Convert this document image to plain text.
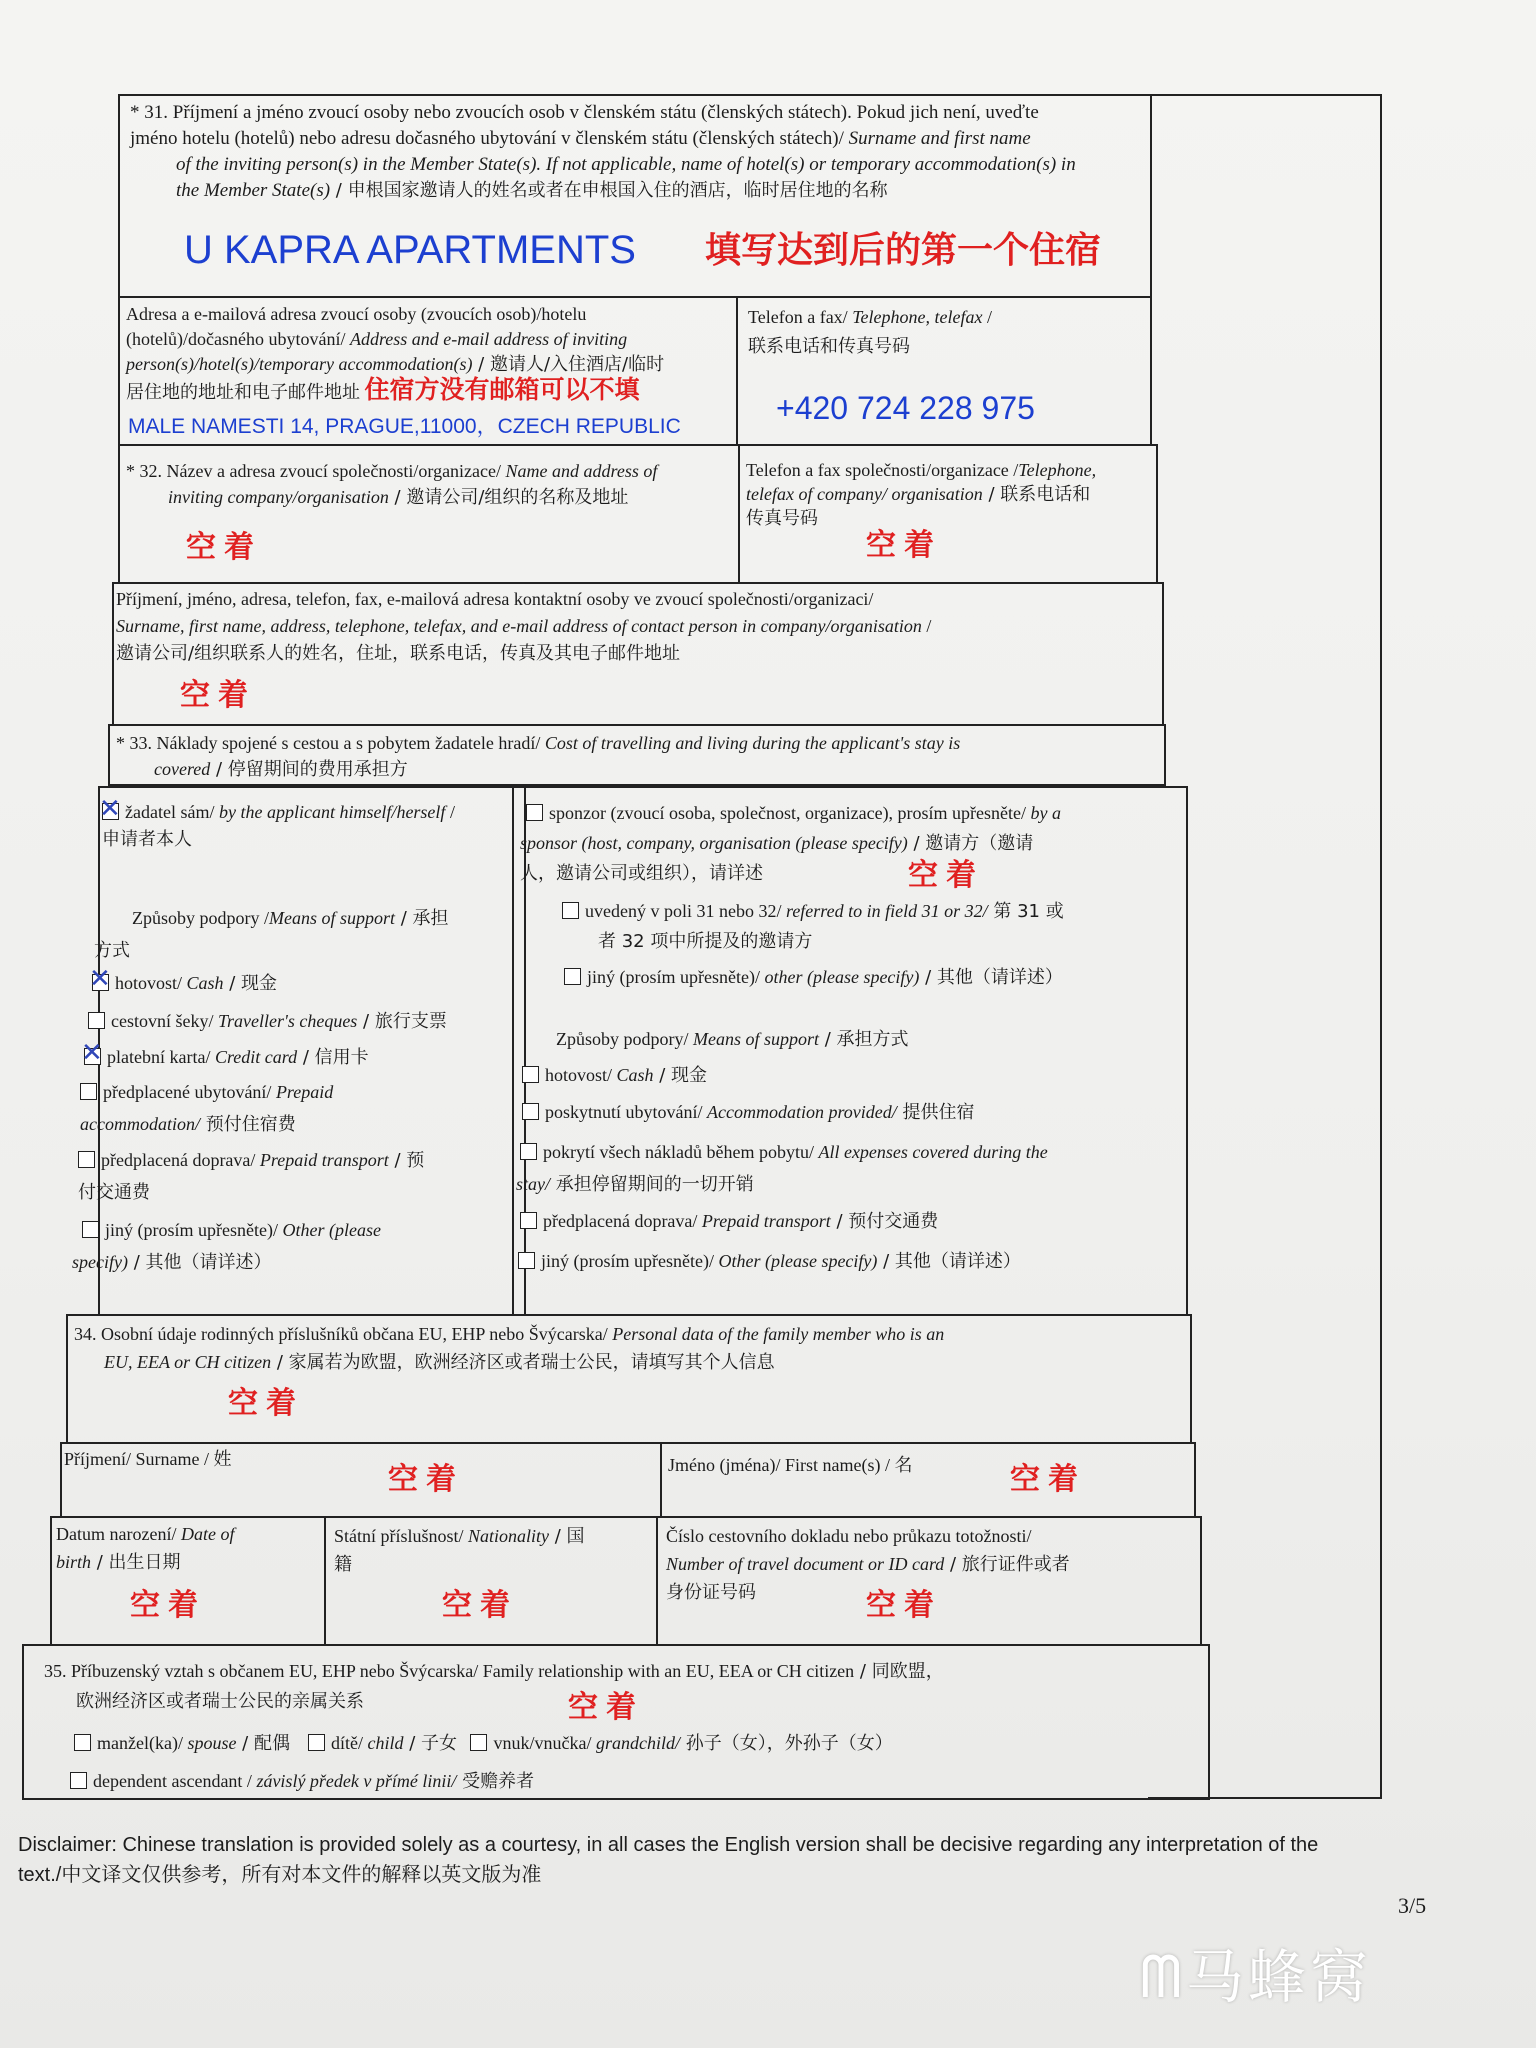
* 31. Příjmení a jméno zvoucí osoby nebo zvoucích osob v členském státu (členských státech). Pokud jich není, uveďte
jméno hotelu (hotelů) nebo adresu dočasného ubytování v členském státu (členských státech)/ Surname and first name
of the inviting person(s) in the Member State(s). If not applicable, name of hotel(s) or temporary accommodation(s) in
the Member State(s) / 申根国家邀请人的姓名或者在申根国入住的酒店，临时居住地的名称
U KAPRA APARTMENTS 填写达到后的第一个住宿
Adresa a e-mailová adresa zvoucí osoby (zvoucích osob)/hotelu
(hotelů)/dočasného ubytování/ Address and e-mail address of inviting
person(s)/hotel(s)/temporary accommodation(s) / 邀请人/入住酒店/临时
居住地的地址和电子邮件地址 住宿方没有邮箱可以不填
MALE NAMESTI 14, PRAGUE,11000，CZECH REPUBLIC
Telefon a fax/ Telephone, telefax /
联系电话和传真号码
+420 724 228 975
* 32. Název a adresa zvoucí společnosti/organizace/ Name and address of
inviting company/organisation / 邀请公司/组织的名称及地址
空着
Telefon a fax společnosti/organizace /Telephone,
telefax of company/ organisation / 联系电话和
传真号码
空着
Příjmení, jméno, adresa, telefon, fax, e-mailová adresa kontaktní osoby ve zvoucí společnosti/organizaci/
Surname, first name, address, telephone, telefax, and e-mail address of contact person in company/organisation /
邀请公司/组织联系人的姓名，住址，联系电话，传真及其电子邮件地址
空着
* 33. Náklady spojené s cestou a s pobytem žadatele hradí/ Cost of travelling and living during the applicant's stay is
covered / 停留期间的费用承担方
✕žadatel sám/ by the applicant himself/herself /
申请者本人
Způsoby podpory /Means of support / 承担
方式
✕hotovost/ Cash / 现金
cestovní šeky/ Traveller's cheques / 旅行支票
✕platební karta/ Credit card / 信用卡
předplacené ubytování/ Prepaid
accommodation/ 预付住宿费
předplacená doprava/ Prepaid transport / 预
付交通费
jiný (prosím upřesněte)/ Other (please
specify) / 其他（请详述）
sponzor (zvoucí osoba, společnost, organizace), prosím upřesněte/ by a
sponsor (host, company, organisation (please specify) / 邀请方（邀请
人，邀请公司或组织），请详述	空着
uvedený v poli 31 nebo 32/ referred to in field 31 or 32/ 第 31 或
者 32 项中所提及的邀请方
jiný (prosím upřesněte)/ other (please specify) / 其他（请详述）
Způsoby podpory/ Means of support / 承担方式
hotovost/ Cash / 现金
poskytnutí ubytování/ Accommodation provided/ 提供住宿
pokrytí všech nákladů během pobytu/ All expenses covered during the
stay/ 承担停留期间的一切开销
předplacená doprava/ Prepaid transport / 预付交通费
jiný (prosím upřesněte)/ Other (please specify) / 其他（请详述）
34. Osobní údaje rodinných příslušníků občana EU, EHP nebo Švýcarska/ Personal data of the family member who is an
EU, EEA or CH citizen / 家属若为欧盟，欧洲经济区或者瑞士公民，请填写其个人信息
空着
Příjmení/ Surname / 姓
空着	Jméno (jména)/ First name(s) / 名	空着
Datum narození/ Date of
birth / 出生日期
空着
Státní příslušnost/ Nationality / 国
籍
空着
Číslo cestovního dokladu nebo průkazu totožnosti/
Number of travel document or ID card / 旅行证件或者
身份证号码	空着
35. Příbuzenský vztah s občanem EU, EHP nebo Švýcarska/ Family relationship with an EU, EEA or CH citizen / 同欧盟，
欧洲经济区或者瑞士公民的亲属关系	空着
manžel(ka)/ spouse / 配偶 dítě/ child / 子女 vnuk/vnučka/ grandchild/ 孙子（女），外孙子（女）
dependent ascendant / závislý předek v přímé linii/ 受赡养者
Disclaimer: Chinese translation is provided solely as a courtesy, in all cases the English version shall be decisive regarding any interpretation of the
text./中文译文仅供参考，所有对本文件的解释以英文版为准
3/5
ᗰ马蜂窝
